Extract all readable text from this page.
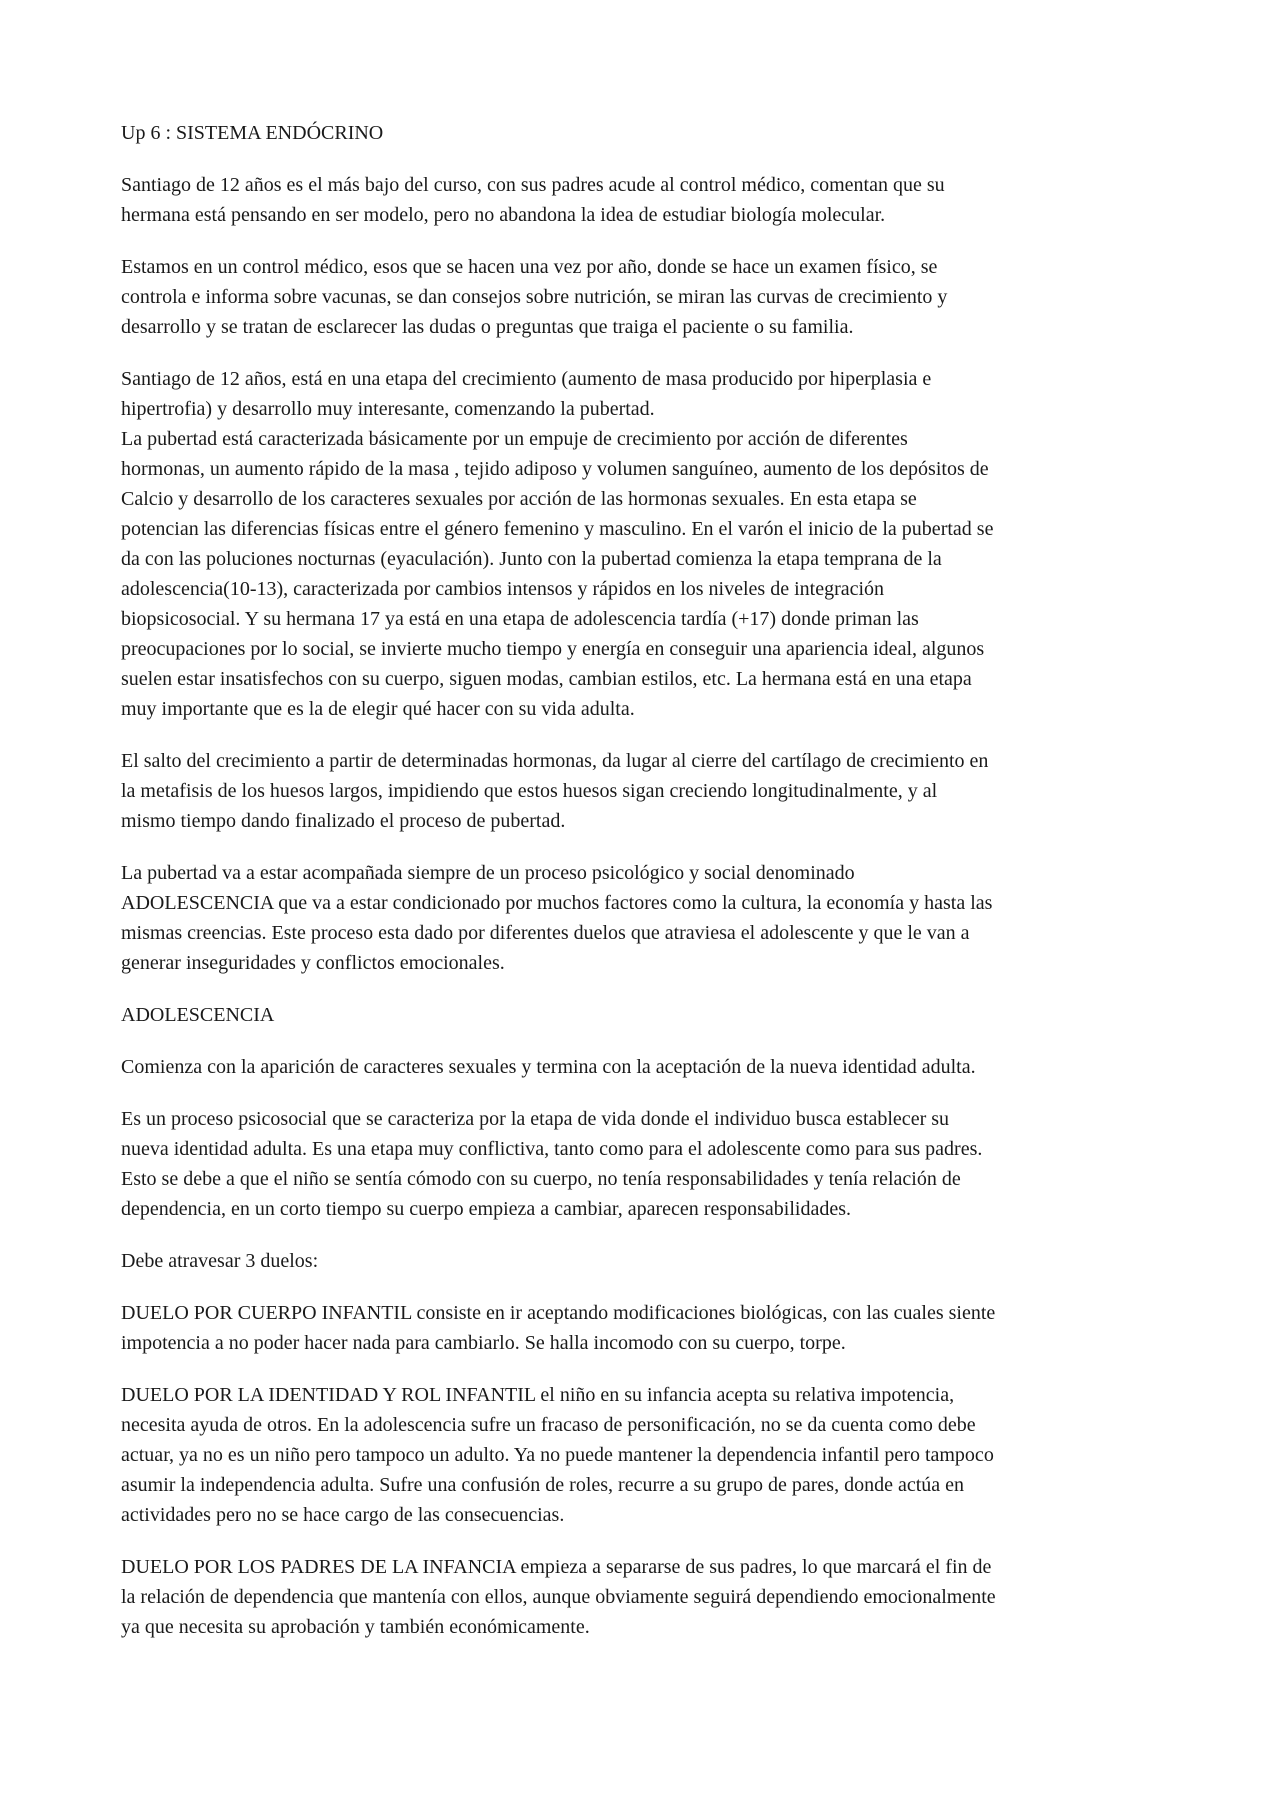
Up 6 : SISTEMA ENDÓCRINO

Santiago de 12 años es el más bajo del curso, con sus padres acude al control médico, comentan que su
hermana está pensando en ser modelo, pero no abandona la idea de estudiar biología molecular.

Estamos en un control médico, esos que se hacen una vez por año, donde se hace un examen físico, se
controla e informa sobre vacunas, se dan consejos sobre nutrición, se miran las curvas de crecimiento y
desarrollo y se tratan de esclarecer las dudas o preguntas que traiga el paciente o su familia.

Santiago de 12 años, está en una etapa del crecimiento (aumento de masa producido por hiperplasia e
hipertrofia) y desarrollo muy interesante, comenzando la pubertad.
La pubertad está caracterizada básicamente por un empuje de crecimiento por acción de diferentes
hormonas, un aumento rápido de la masa , tejido adiposo y volumen sanguíneo, aumento de los depósitos de
Calcio y desarrollo de los caracteres sexuales por acción de las hormonas sexuales. En esta etapa se
potencian las diferencias físicas entre el género femenino y masculino. En el varón el inicio de la pubertad se
da con las poluciones nocturnas (eyaculación). Junto con la pubertad comienza la etapa temprana de la
adolescencia(10-13), caracterizada por cambios intensos y rápidos en los niveles de integración
biopsicosocial. Y su hermana 17 ya está en una etapa de adolescencia tardía (+17) donde priman las
preocupaciones por lo social, se invierte mucho tiempo y energía en conseguir una apariencia ideal, algunos
suelen estar insatisfechos con su cuerpo, siguen modas, cambian estilos, etc. La hermana está en una etapa
muy importante que es la de elegir qué hacer con su vida adulta.

El salto del crecimiento a partir de determinadas hormonas, da lugar al cierre del cartílago de crecimiento en
la metafisis de los huesos largos, impidiendo que estos huesos sigan creciendo longitudinalmente, y al
mismo tiempo dando finalizado el proceso de pubertad.

La pubertad va a estar acompañada siempre de un proceso psicológico y social denominado
ADOLESCENCIA que va a estar condicionado por muchos factores como la cultura, la economía y hasta las
mismas creencias. Este proceso esta dado por diferentes duelos que atraviesa el adolescente y que le van a
generar inseguridades y conflictos emocionales.

ADOLESCENCIA

Comienza con la aparición de caracteres sexuales y termina con la aceptación de la nueva identidad adulta.

Es un proceso psicosocial que se caracteriza por la etapa de vida donde el individuo busca establecer su
nueva identidad adulta. Es una etapa muy conflictiva, tanto como para el adolescente como para sus padres.
Esto se debe a que el niño se sentía cómodo con su cuerpo, no tenía responsabilidades y tenía relación de
dependencia, en un corto tiempo su cuerpo empieza a cambiar, aparecen responsabilidades.

Debe atravesar 3 duelos:

DUELO POR CUERPO INFANTIL consiste en ir aceptando modificaciones biológicas, con las cuales siente
impotencia a no poder hacer nada para cambiarlo. Se halla incomodo con su cuerpo, torpe.

DUELO POR LA IDENTIDAD Y ROL INFANTIL el niño en su infancia acepta su relativa impotencia,
necesita ayuda de otros. En la adolescencia sufre un fracaso de personificación, no se da cuenta como debe
actuar, ya no es un niño pero tampoco un adulto. Ya no puede mantener la dependencia infantil pero tampoco
asumir la independencia adulta. Sufre una confusión de roles, recurre a su grupo de pares, donde actúa en
actividades pero no se hace cargo de las consecuencias.

DUELO POR LOS PADRES DE LA INFANCIA empieza a separarse de sus padres, lo que marcará el fin de
la relación de dependencia que mantenía con ellos, aunque obviamente seguirá dependiendo emocionalmente
ya que necesita su aprobación y también económicamente.
